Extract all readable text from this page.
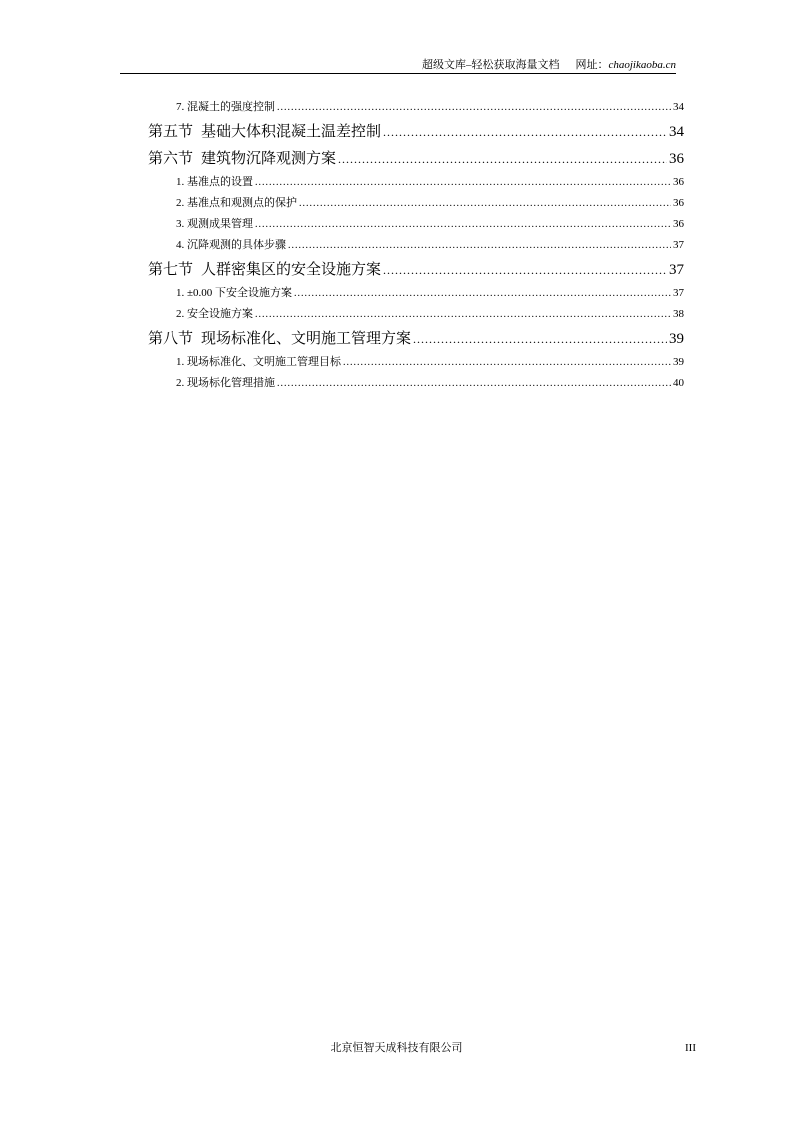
超级文库–轻松获取海量文档 网址：chaojikaoba.cn
7. 混凝土的强度控制 .....	34
第五节 基础大体积混凝土温差控制 .....	34
第六节 建筑物沉降观测方案 .....	36
1. 基准点的设置 .....	36
2. 基准点和观测点的保护 .....	36
3. 观测成果管理 .....	36
4. 沉降观测的具体步骤 .....	37
第七节 人群密集区的安全设施方案 .....	37
1. ±0.00 下安全设施方案 .....	37
2. 安全设施方案 .....	38
第八节 现场标准化、文明施工管理方案 .....	39
1. 现场标准化、文明施工管理目标 .....	39
2. 现场标化管理措施 .....	40
北京恒智天成科技有限公司	III
